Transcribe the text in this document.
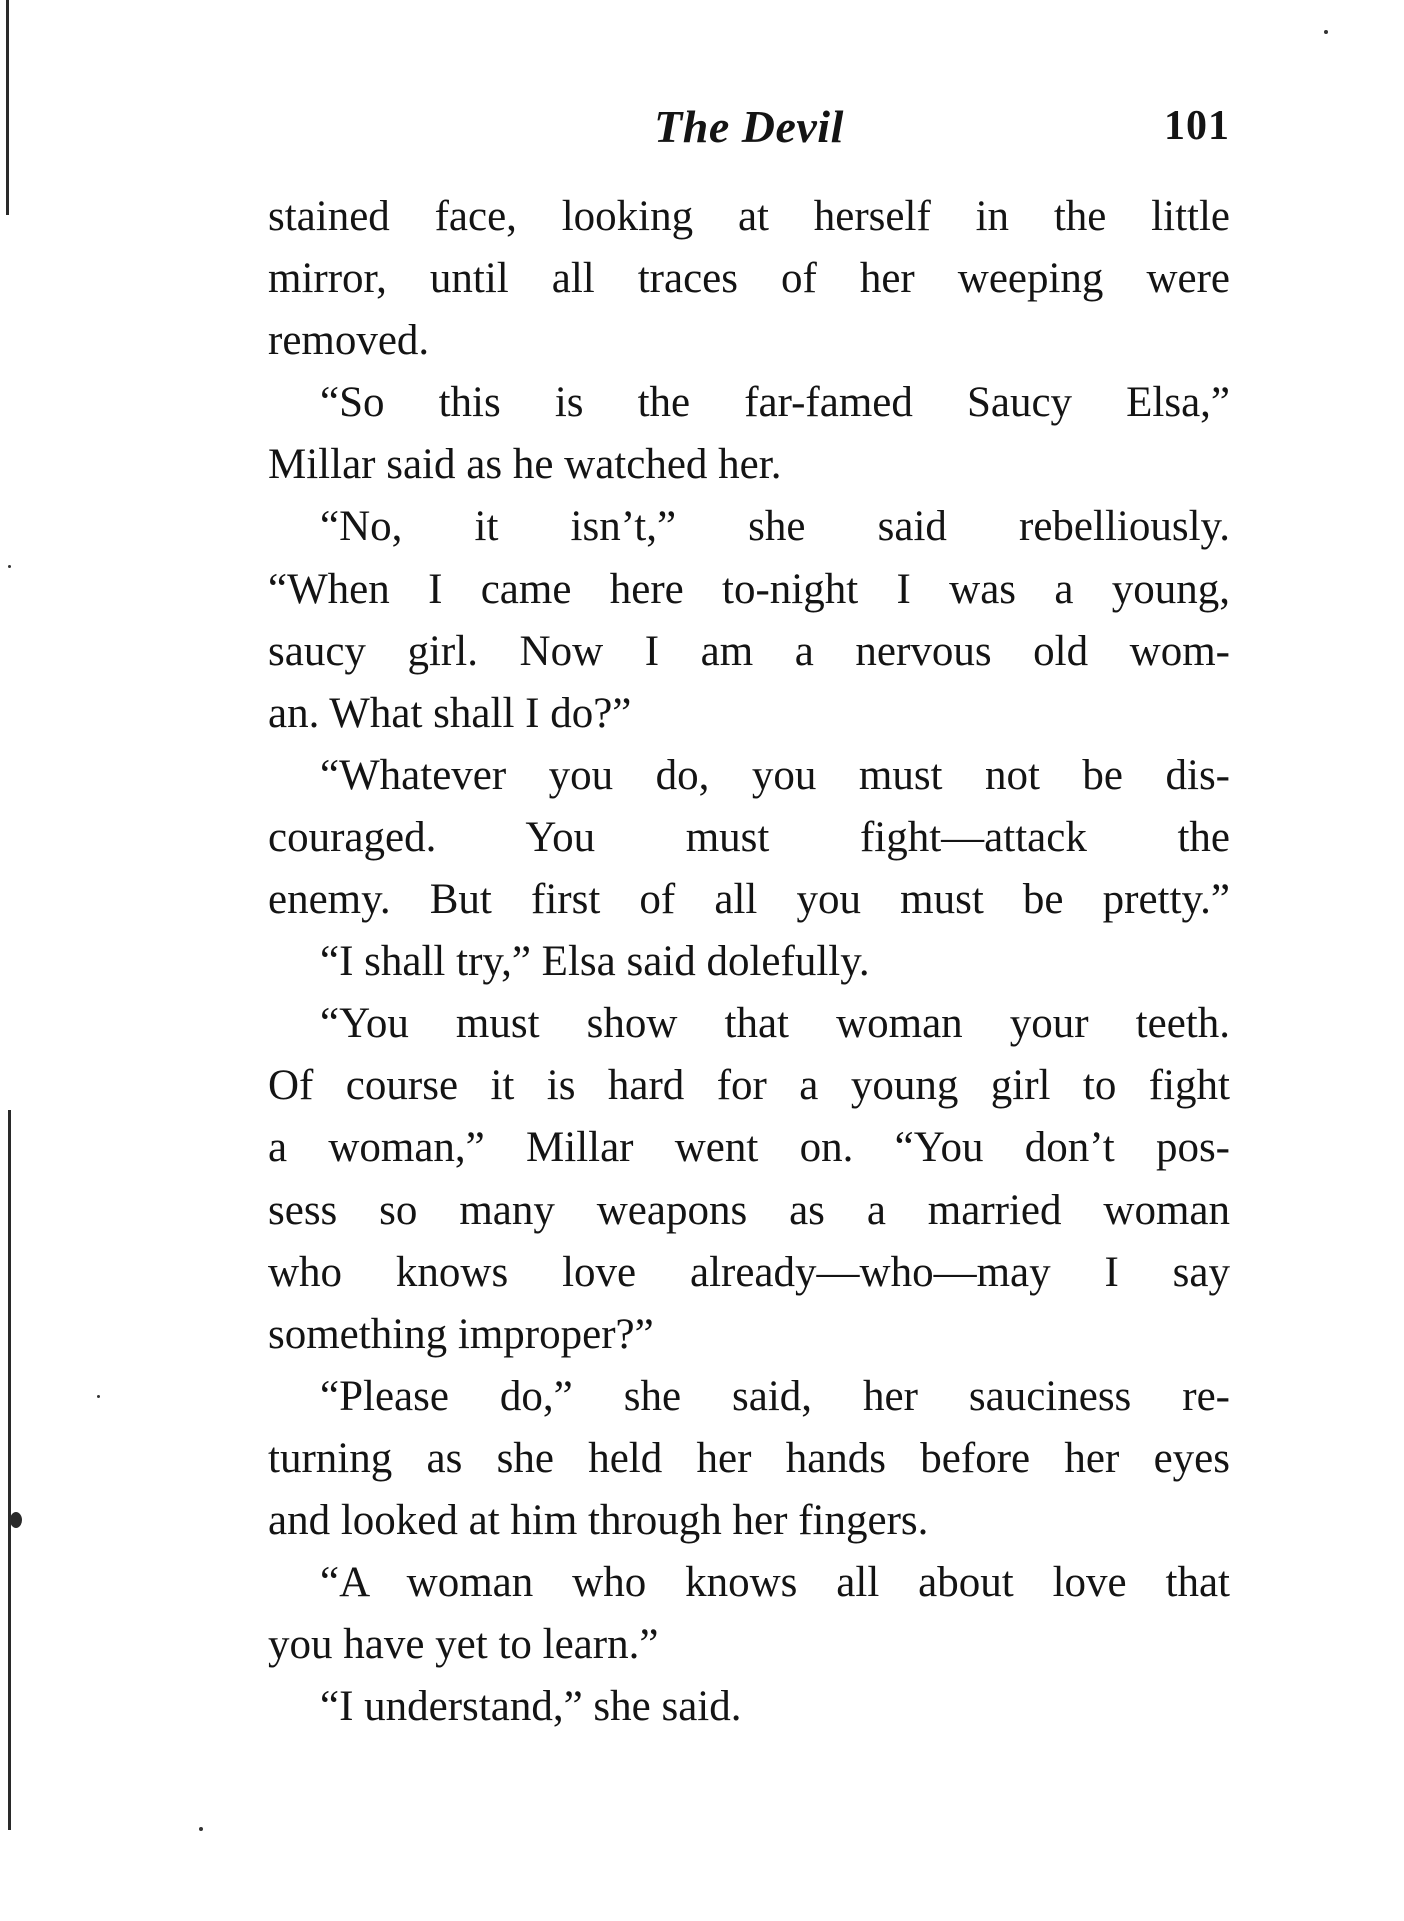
The Devil	101
stained face, looking at herself in the little
mirror, until all traces of her weeping were
removed.
“So this is the far-famed Saucy Elsa,”
Millar said as he watched her.
“No, it isn’t,” she said rebelliously.
“When I came here to-night I was a young,
saucy girl. Now I am a nervous old wom-
an. What shall I do?”
“Whatever you do, you must not be dis-
couraged. You must fight—attack the
enemy. But first of all you must be pretty.”
“I shall try,” Elsa said dolefully.
“You must show that woman your teeth.
Of course it is hard for a young girl to fight
a woman,” Millar went on. “You don’t pos-
sess so many weapons as a married woman
who knows love already—who—may I say
something improper?”
“Please do,” she said, her sauciness re-
turning as she held her hands before her eyes
and looked at him through her fingers.
“A woman who knows all about love that
you have yet to learn.”
“I understand,” she said.
